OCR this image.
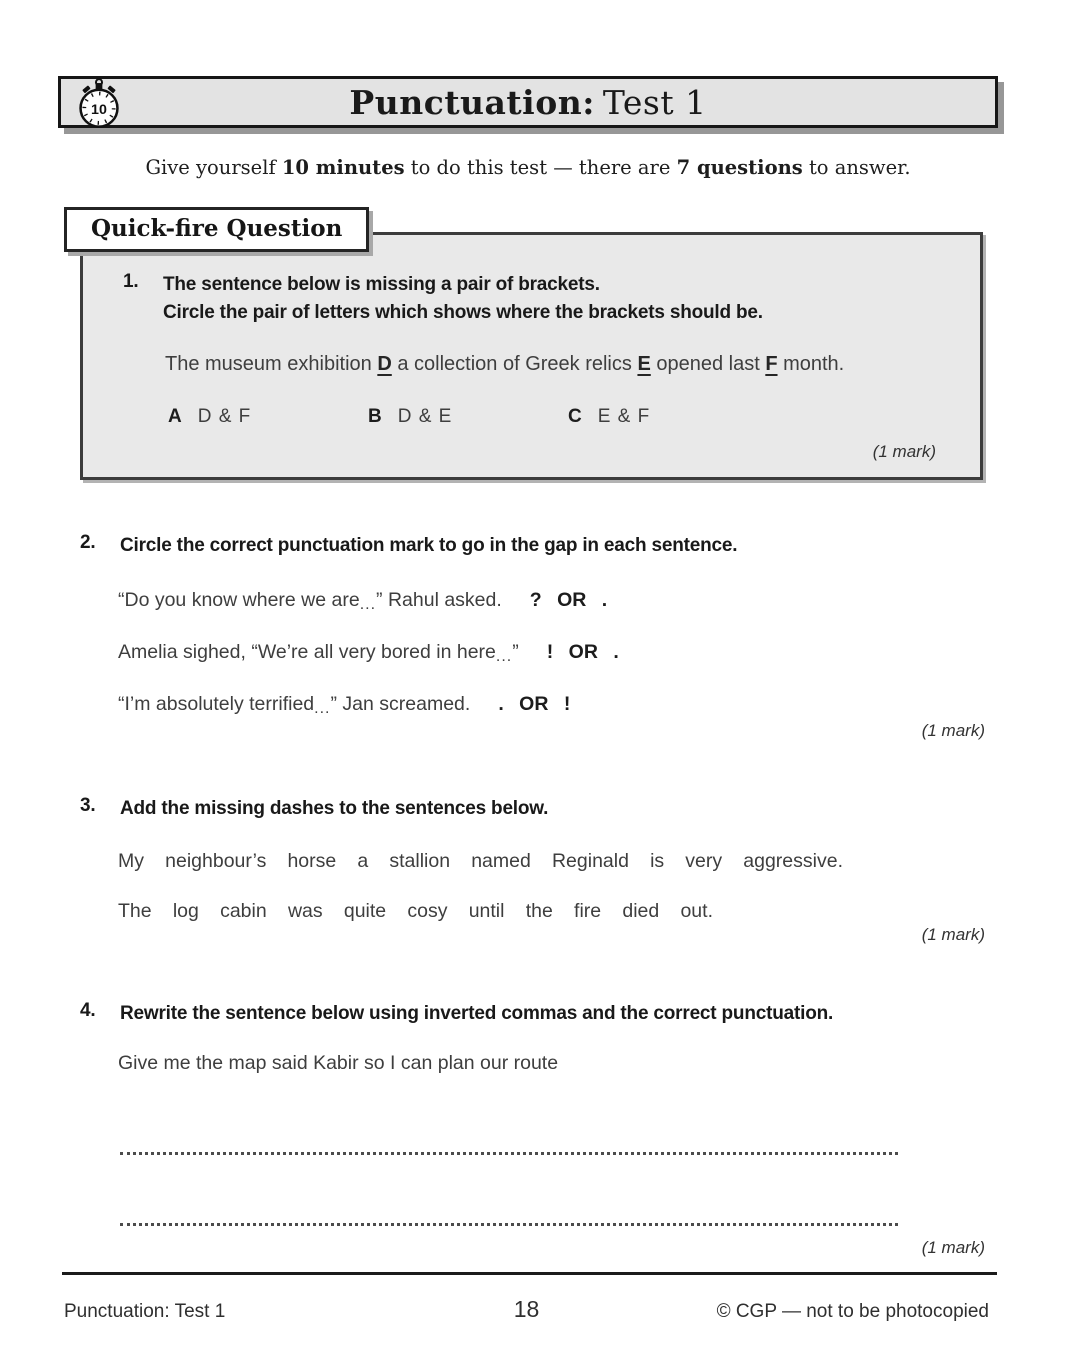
10	Punctuation: Test 1
Give yourself 10 minutes to do this test — there are 7 questions to answer.
Quick-fire Question
1.	The sentence below is missing a pair of brackets.
Circle the pair of letters which shows where the brackets should be.
The museum exhibition D a collection of Greek relics E opened last F month.
A D & F	B D & E	C E & F
(1 mark)
2.	Circle the correct punctuation mark to go in the gap in each sentence.
“Do you know where we are ... ” Rahul asked. ? OR .
Amelia sighed, “We’re all very bored in here ... ” ! OR .
“I’m absolutely terrified ... ” Jan screamed. . OR !
(1 mark)
3.	Add the missing dashes to the sentences below.
My neighbour’s horse a stallion named Reginald is very aggressive.
The log cabin was quite cosy until the fire died out.
(1 mark)
4.	Rewrite the sentence below using inverted commas and the correct punctuation.
Give me the map said Kabir so I can plan our route
(1 mark)
Punctuation: Test 1	18	© CGP — not to be photocopied
